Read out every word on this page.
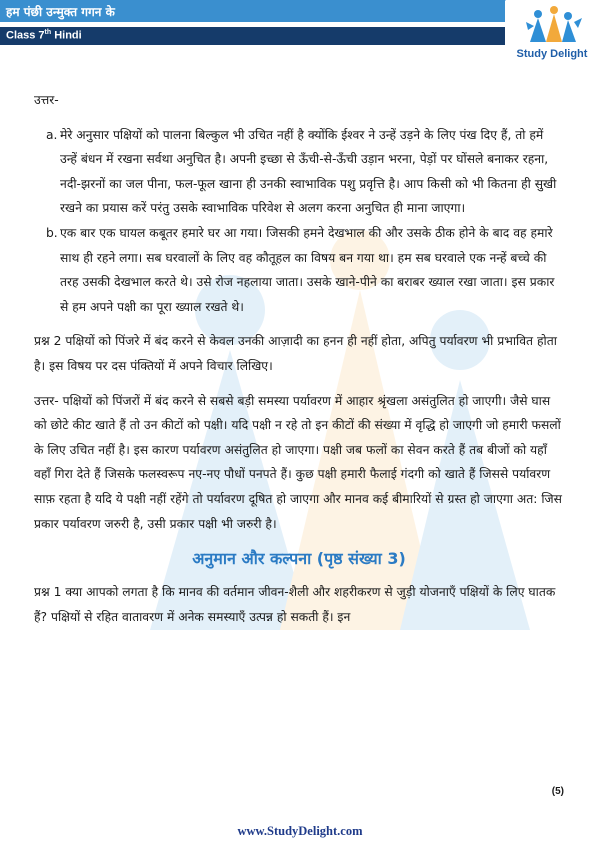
हम पंछी उन्मुक्त गगन के
Class 7th Hindi
Study Delight

उत्तर-

a. मेरे अनुसार पक्षियों को पालना बिल्कुल भी उचित नहीं है क्योंकि ईश्वर ने उन्हें उड़ने के लिए पंख दिए हैं, तो हमें उन्हें बंधन में रखना सर्वथा अनुचित है। अपनी इच्छा से ऊँची-से-ऊँची उड़ान भरना, पेड़ों पर घोंसले बनाकर रहना, नदी-झरनों का जल पीना, फल-फूल खाना ही उनकी स्वाभाविक पशु प्रवृत्ति है। आप किसी को भी कितना ही सुखी रखने का प्रयास करें परंतु उसके स्वाभाविक परिवेश से अलग करना अनुचित ही माना जाएगा।
b. एक बार एक घायल कबूतर हमारे घर आ गया। जिसकी हमने देखभाल की और उसके ठीक होने के बाद वह हमारे साथ ही रहने लगा। सब घरवालों के लिए वह कौतूहल का विषय बन गया था। हम सब घरवाले एक नन्हें बच्चे की तरह उसकी देखभाल करते थे। उसे रोज नहलाया जाता। उसके खाने-पीने का बराबर ख्याल रखा जाता। इस प्रकार से हम अपने पक्षी का पूरा ख्याल रखते थे।

प्रश्न 2 पक्षियों को पिंजरे में बंद करने से केवल उनकी आज़ादी का हनन ही नहीं होता, अपितु पर्यावरण भी प्रभावित होता है। इस विषय पर दस पंक्तियों में अपने विचार लिखिए।

उत्तर- पक्षियों को पिंजरों में बंद करने से सबसे बड़ी समस्या पर्यावरण में आहार श्रृंखला असंतुलित हो जाएगी। जैसे घास को छोटे कीट खाते हैं तो उन कीटों को पक्षी। यदि पक्षी न रहे तो इन कीटों की संख्या में वृद्धि हो जाएगी जो हमारी फसलों के लिए उचित नहीं है। इस कारण पर्यावरण असंतुलित हो जाएगा। पक्षी जब फलों का सेवन करते हैं तब बीजों को यहाँ वहाँ गिरा देते हैं जिसके फलस्वरूप नए-नए पौधों पनपते हैं। कुछ पक्षी हमारी फैलाई गंदगी को खाते हैं जिससे पर्यावरण साफ़ रहता है यदि ये पक्षी नहीं रहेंगे तो पर्यावरण दूषित हो जाएगा और मानव कई बीमारियों से ग्रस्त हो जाएगा अत: जिस प्रकार पर्यावरण जरुरी है, उसी प्रकार पक्षी भी जरुरी है।

अनुमान और कल्पना (पृष्ठ संख्या 3)

प्रश्न 1 क्या आपको लगता है कि मानव की वर्तमान जीवन-शैली और शहरीकरण से जुड़ी योजनाएँ पक्षियों के लिए घातक हैं? पक्षियों से रहित वातावरण में अनेक समस्याएँ उत्पन्न हो सकती हैं। इन

(5)
www.StudyDelight.com
